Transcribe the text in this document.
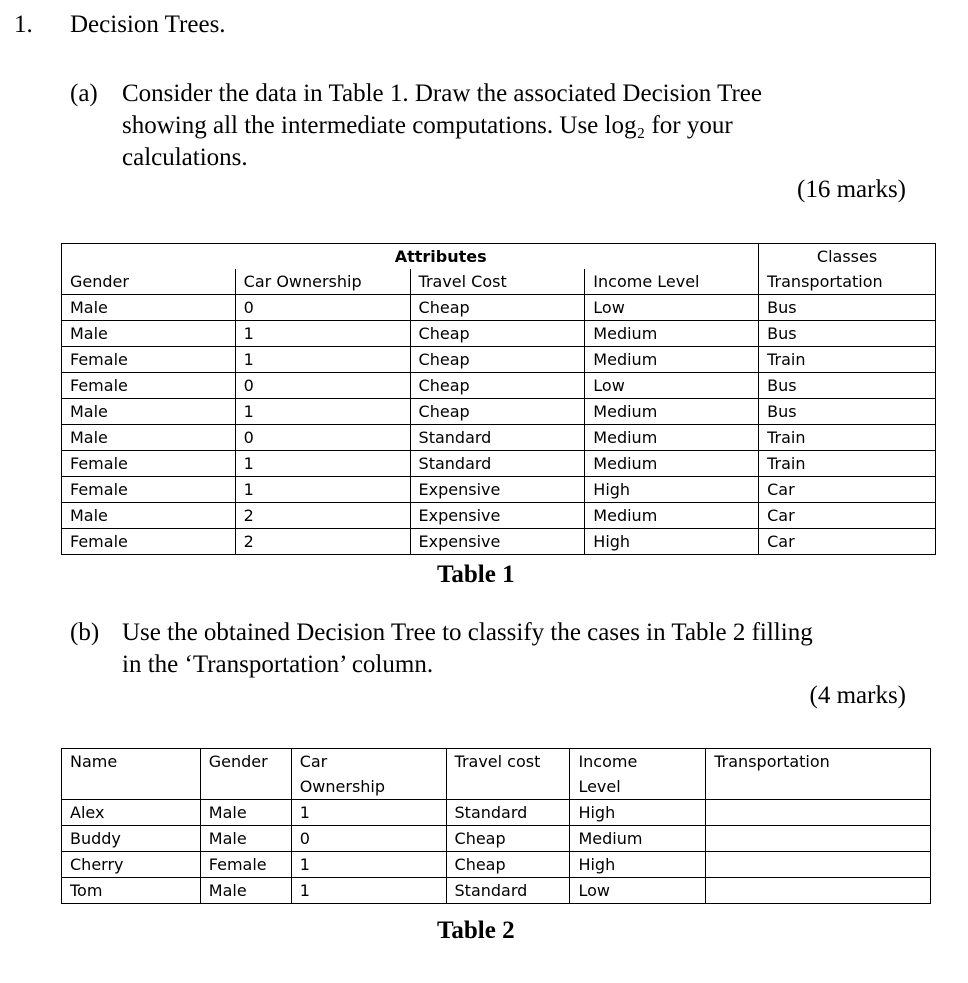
1. Decision Trees.
(a) Consider the data in Table 1. Draw the associated Decision Tree
showing all the intermediate computations. Use log₂ for your
calculations.
(16 marks)
	Attributes			Classes
Gender	Car Ownership	Travel Cost	Income Level	Transportation
Male	0	Cheap	Low	Bus
Male	1	Cheap	Medium	Bus
Female	1	Cheap	Medium	Train
Female	0	Cheap	Low	Bus
Male	1	Cheap	Medium	Bus
Male	0	Standard	Medium	Train
Female	1	Standard	Medium	Train
Female	1	Expensive	High	Car
Male	2	Expensive	Medium	Car
Female	2	Expensive	High	Car
Table 1
(b) Use the obtained Decision Tree to classify the cases in Table 2 filling
in the ‘Transportation’ column.
(4 marks)
Name	Gender	Car	Travel cost	Income	Transportation
		Ownership		Level	
Alex	Male	1	Standard	High	
Buddy	Male	0	Cheap	Medium	
Cherry	Female	1	Cheap	High	
Tom	Male	1	Standard	Low	
Table 2
